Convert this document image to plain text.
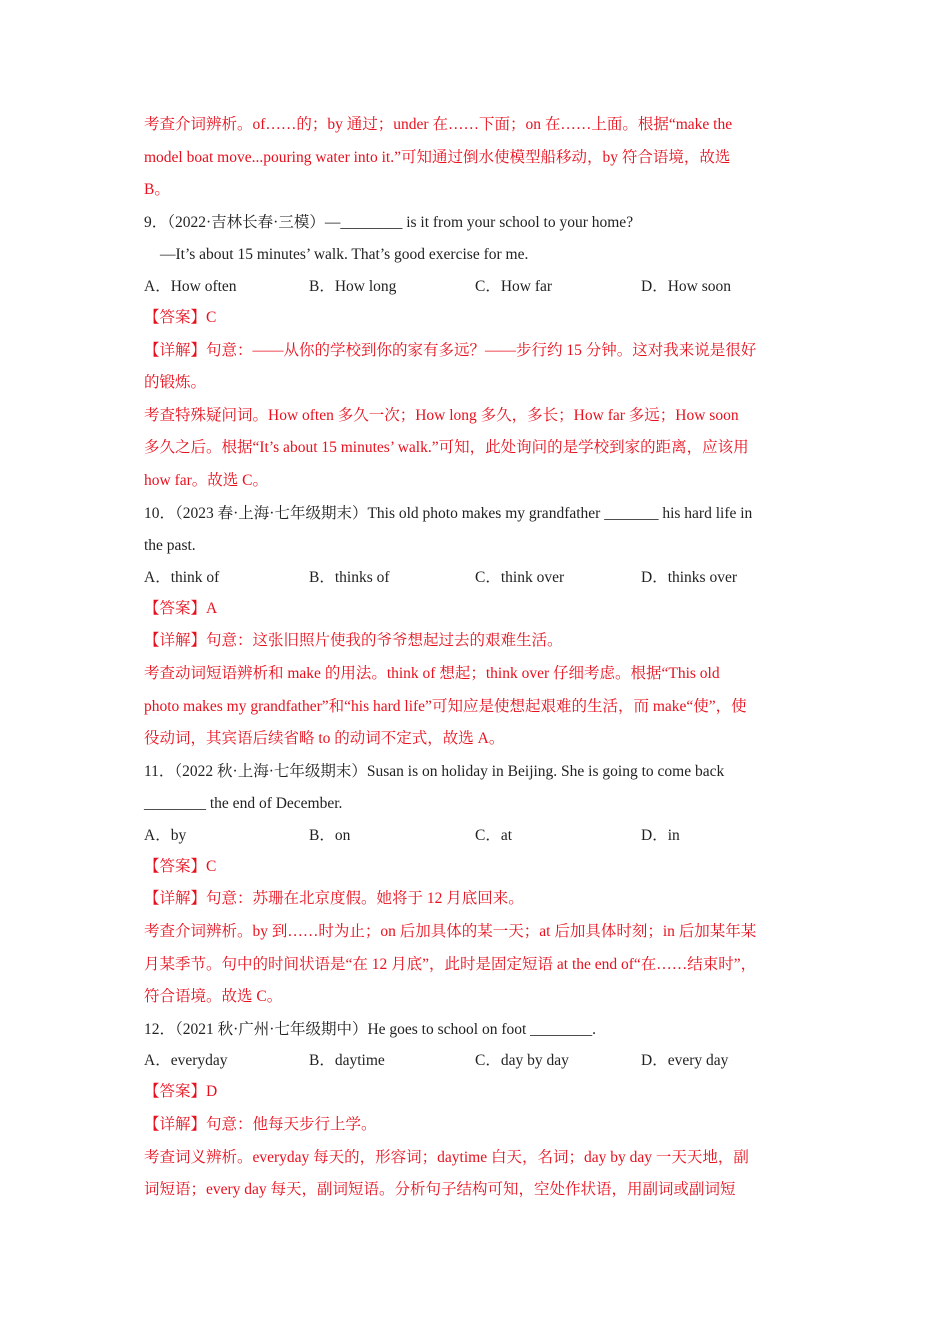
考查介词辨析。of……的；by 通过；under 在……下面；on 在……上面。根据“make the
model boat move...pouring water into it.”可知通过倒水使模型船移动，by 符合语境，故选
B。
9．（2022·吉林长春·三模）—________ is it from your school to your home?
—It’s about 15 minutes’ walk. That’s good exercise for me.
A．How often	B．How long	C．How far	D．How soon
【答案】C
【详解】句意：——从你的学校到你的家有多远？——步行约 15 分钟。这对我来说是很好
的锻炼。
考查特殊疑问词。How often 多久一次；How long 多久，多长；How far 多远；How soon
多久之后。根据“It’s about 15 minutes’ walk.”可知，此处询问的是学校到家的距离，应该用
how far。故选 C。
10．（2023 春·上海·七年级期末）This old photo makes my grandfather _______ his hard life in
the past.
A．think of	B．thinks of	C．think over	D．thinks over
【答案】A
【详解】句意：这张旧照片使我的爷爷想起过去的艰难生活。
考查动词短语辨析和 make 的用法。think of 想起；think over 仔细考虑。根据“This old
photo makes my grandfather”和“his hard life”可知应是使想起艰难的生活，而 make“使”，使
役动词，其宾语后续省略 to 的动词不定式，故选 A。
11．（2022 秋·上海·七年级期末）Susan is on holiday in Beijing. She is going to come back
________ the end of December.
A．by	B．on	C．at	D．in
【答案】C
【详解】句意：苏珊在北京度假。她将于 12 月底回来。
考查介词辨析。by 到……时为止；on 后加具体的某一天；at 后加具体时刻；in 后加某年某
月某季节。句中的时间状语是“在 12 月底”，此时是固定短语 at the end of“在……结束时”，
符合语境。故选 C。
12．（2021 秋·广州·七年级期中）He goes to school on foot ________.
A．everyday	B．daytime	C．day by day	D．every day
【答案】D
【详解】句意：他每天步行上学。
考查词义辨析。everyday 每天的，形容词；daytime 白天，名词；day by day 一天天地，副
词短语；every day 每天，副词短语。分析句子结构可知，空处作状语，用副词或副词短
